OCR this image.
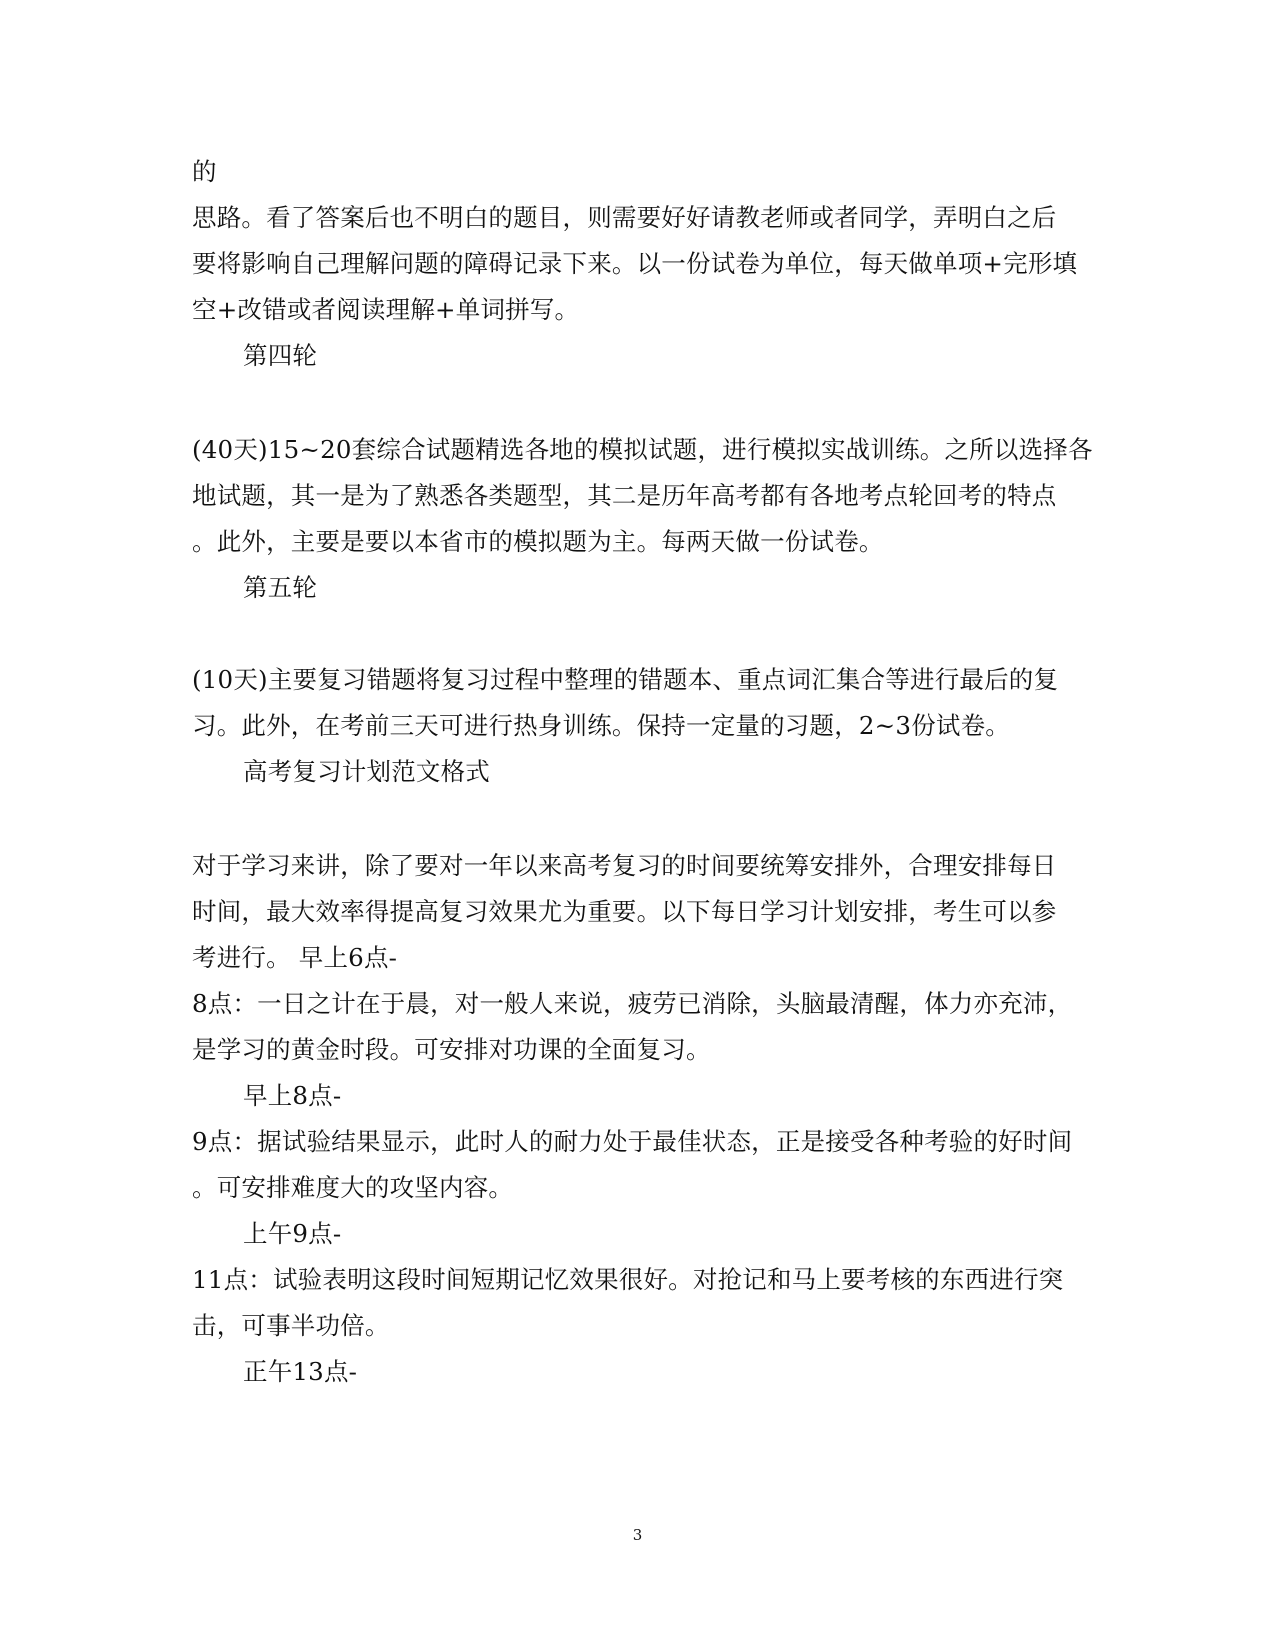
的
思路。看了答案后也不明白的题目，则需要好好请教老师或者同学，弄明白之后
要将影响自己理解问题的障碍记录下来。以一份试卷为单位，每天做单项+完形填
空+改错或者阅读理解+单词拼写。
第四轮
(40天)15~20套综合试题精选各地的模拟试题，进行模拟实战训练。之所以选择各
地试题，其一是为了熟悉各类题型，其二是历年高考都有各地考点轮回考的特点
。此外，主要是要以本省市的模拟题为主。每两天做一份试卷。
第五轮
(10天)主要复习错题将复习过程中整理的错题本、重点词汇集合等进行最后的复
习。此外，在考前三天可进行热身训练。保持一定量的习题，2~3份试卷。
高考复习计划范文格式
对于学习来讲，除了要对一年以来高考复习的时间要统筹安排外，合理安排每日
时间，最大效率得提高复习效果尤为重要。以下每日学习计划安排，考生可以参
考进行。 早上6点-
8点：一日之计在于晨，对一般人来说，疲劳已消除，头脑最清醒，体力亦充沛，
是学习的黄金时段。可安排对功课的全面复习。
早上8点-
9点：据试验结果显示，此时人的耐力处于最佳状态，正是接受各种考验的好时间
。可安排难度大的攻坚内容。
上午9点-
11点：试验表明这段时间短期记忆效果很好。对抢记和马上要考核的东西进行突
击，可事半功倍。
正午13点-
3
